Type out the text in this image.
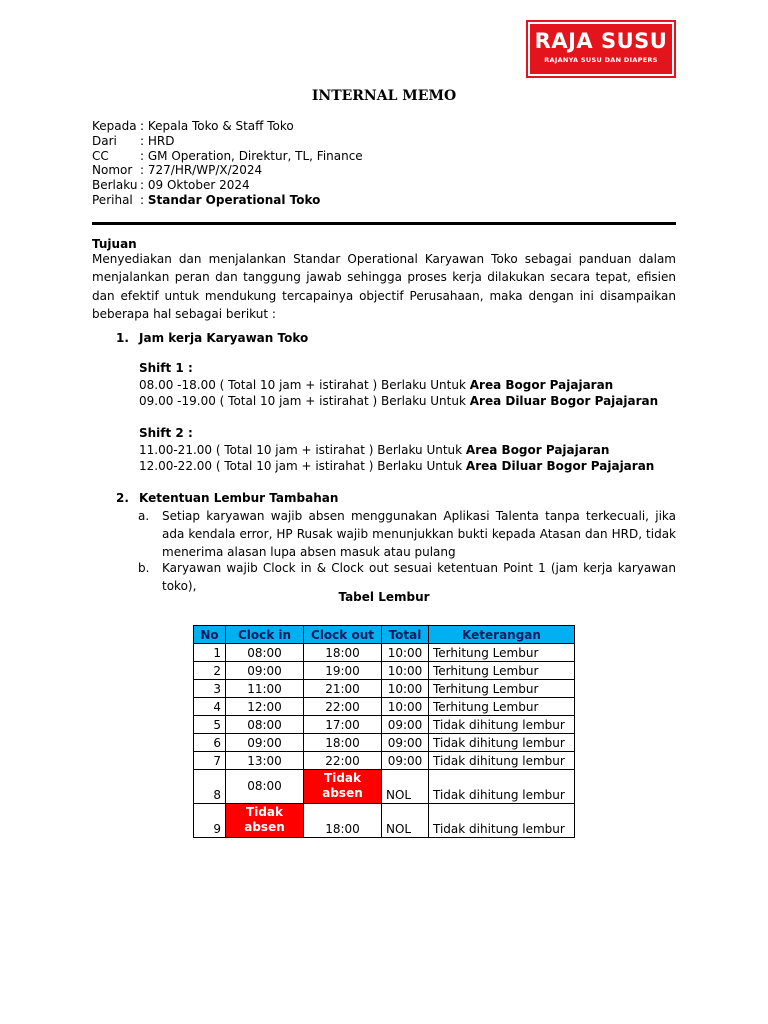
RAJA SUSU
RAJANYA SUSU DAN DIAPERS
INTERNAL MEMO
Kepada :
Kepala Toko & Staff Toko
Dari	:
HRD
CC	:
GM Operation, Direktur, TL, Finance
Nomor :
727/HR/WP/X/2024
Berlaku :
09 Oktober 2024
Perihal :
Standar Operational Toko
Tujuan
Menyediakan dan menjalankan Standar Operational Karyawan Toko sebagai panduan dalam menjalankan peran dan tanggung jawab sehingga proses kerja dilakukan secara tepat, efisien dan efektif untuk mendukung tercapainya objectif Perusahaan, maka dengan ini disampaikan beberapa hal sebagai berikut :
1. Jam kerja Karyawan Toko
Shift 1 :
08.00 -18.00 ( Total 10 jam + istirahat ) Berlaku Untuk Area Bogor Pajajaran
09.00 -19.00 ( Total 10 jam + istirahat ) Berlaku Untuk Area Diluar Bogor Pajajaran
Shift 2 :
11.00-21.00 ( Total 10 jam + istirahat ) Berlaku Untuk Area Bogor Pajajaran
12.00-22.00 ( Total 10 jam + istirahat ) Berlaku Untuk Area Diluar Bogor Pajajaran
2. Ketentuan Lembur Tambahan
a. Setiap karyawan wajib absen menggunakan Aplikasi Talenta tanpa terkecuali, jika ada kendala error, HP Rusak wajib menunjukkan bukti kepada Atasan dan HRD, tidak menerima alasan lupa absen masuk atau pulang
b. Karyawan wajib Clock in & Clock out sesuai ketentuan Point 1 (jam kerja karyawan toko),
Tabel Lembur
No	Clock in	Clock out	Total	Keterangan
1	08:00	18:00	10:00	Terhitung Lembur
2	09:00	19:00	10:00	Terhitung Lembur
3	11:00	21:00	10:00	Terhitung Lembur
4	12:00	22:00	10:00	Terhitung Lembur
5	08:00	17:00	09:00	Tidak dihitung lembur
6	09:00	18:00	09:00	Tidak dihitung lembur
7	13:00	22:00	09:00	Tidak dihitung lembur
8	08:00	Tidak
absen	NOL	Tidak dihitung lembur
9	Tidak
absen	18:00	NOL	Tidak dihitung lembur
